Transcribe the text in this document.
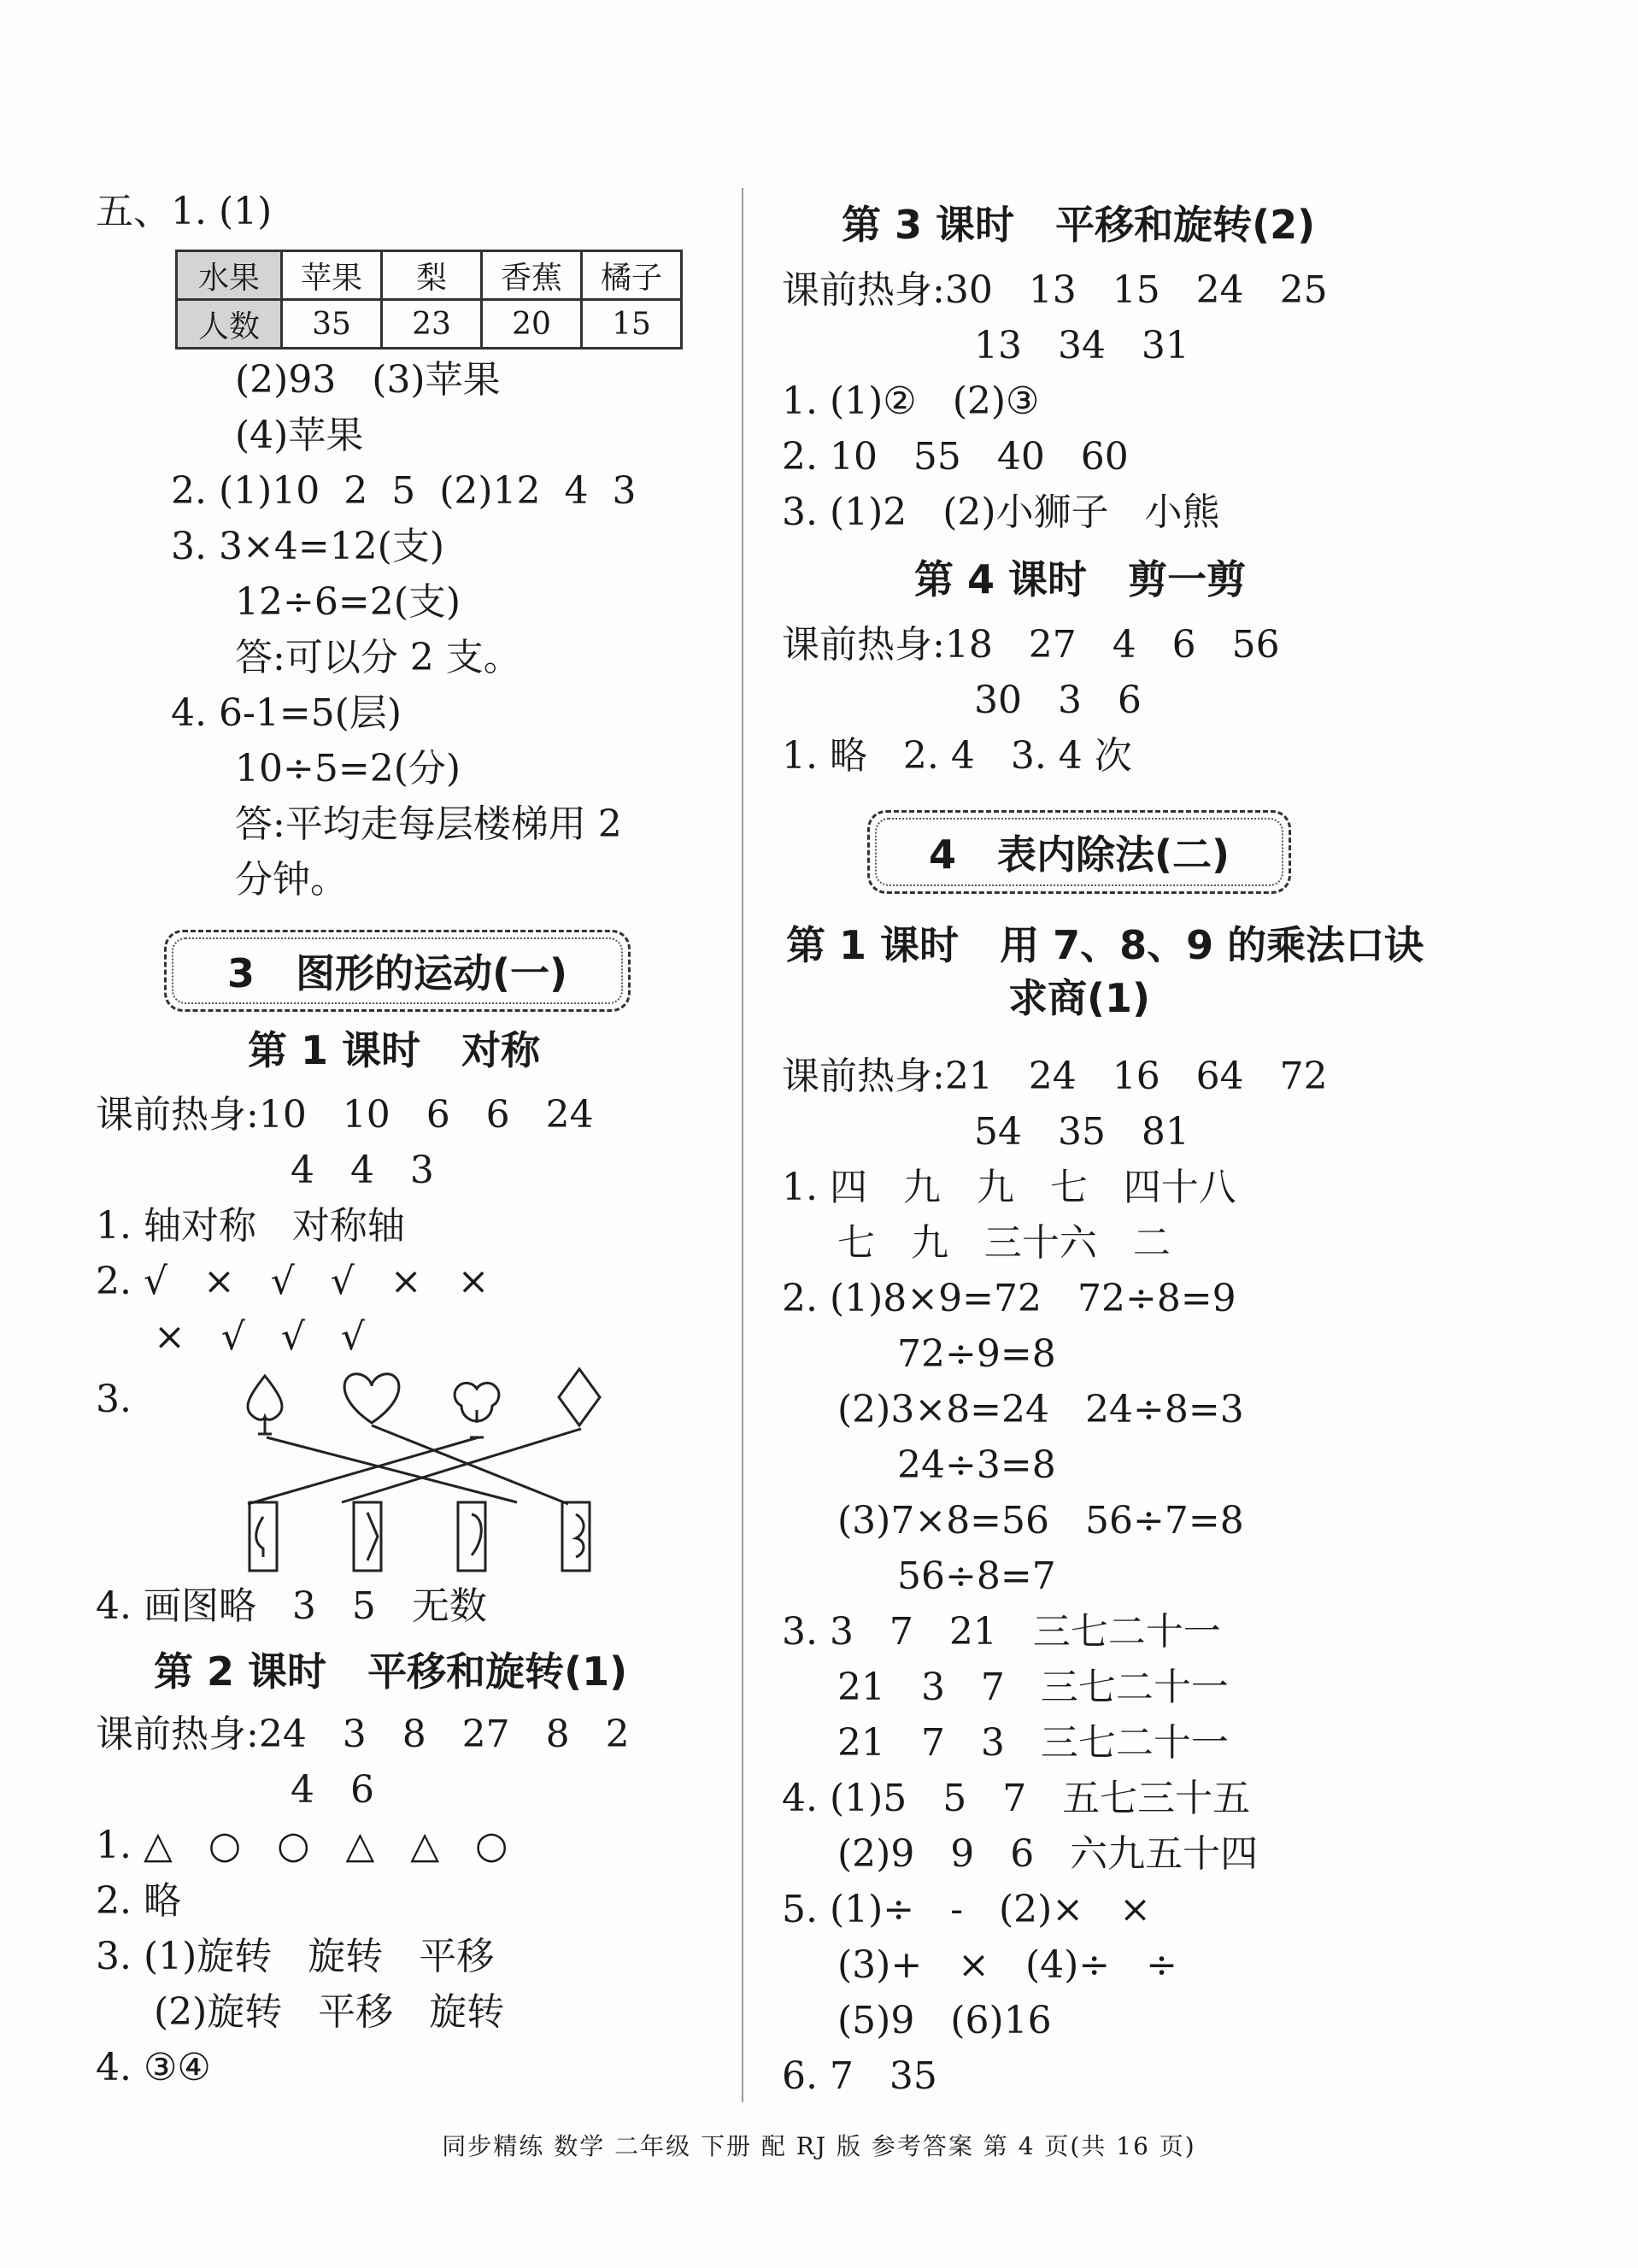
五、1. (1)
水果	苹果	梨	香蕉	橘子
人数	35	23	20	15
(2)93   (3)苹果
(4)苹果
2. (1)10  2  5  (2)12  4  3
3. 3×4=12(支)
12÷6=2(支)
答:可以分 2 支。
4. 6-1=5(层)
10÷5=2(分)
答:平均走每层楼梯用 2
分钟。
3   图形的运动(一)
第 1 课时   对称
课前热身:10   10   6   6   24
4   4   3
1. 轴对称   对称轴
2. √   ×   √   √   ×   ×
×   √   √   √
3.
4. 画图略   3   5   无数
第 2 课时   平移和旋转(1)
课前热身:24   3   8   27   8   2
4   6
1. △   ○   ○   △   △   ○
2. 略
3. (1)旋转   旋转   平移
(2)旋转   平移   旋转
4. ③④
第 3 课时   平移和旋转(2)
课前热身:30   13   15   24   25
13   34   31
1. (1)②   (2)③
2. 10   55   40   60
3. (1)2   (2)小狮子   小熊
第 4 课时   剪一剪
课前热身:18   27   4   6   56
30   3   6
1. 略   2. 4   3. 4 次
4   表内除法(二)
第 1 课时   用 7、8、9 的乘法口诀
求商(1)
课前热身:21   24   16   64   72
54   35   81
1. 四   九   九   七   四十八
七   九   三十六   二
2. (1)8×9=72   72÷8=9
72÷9=8
(2)3×8=24   24÷8=3
24÷3=8
(3)7×8=56   56÷7=8
56÷8=7
3. 3   7   21   三七二十一
21   3   7   三七二十一
21   7   3   三七二十一
4. (1)5   5   7   五七三十五
(2)9   9   6   六九五十四
5. (1)÷   -   (2)×   ×
(3)+   ×   (4)÷   ÷
(5)9   (6)16
6. 7   35
同步精练 数学 二年级 下册 配 RJ 版 参考答案 第 4 页(共 16 页)
